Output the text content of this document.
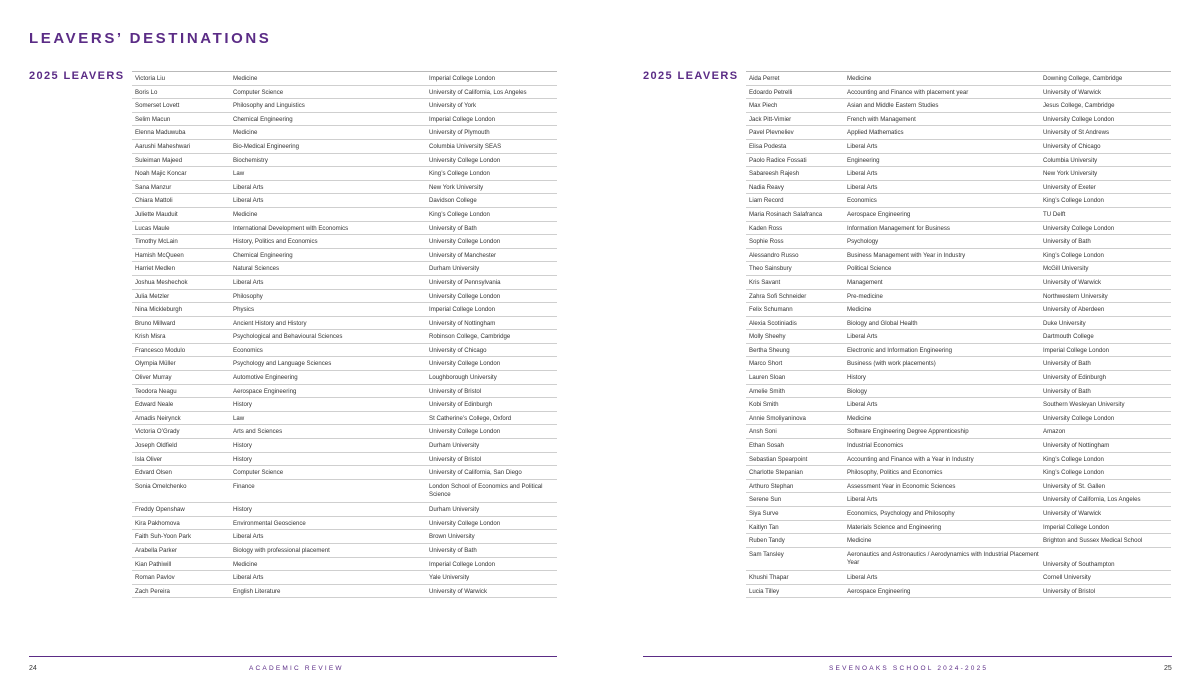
LEAVERS’ DESTINATIONS
2025 LEAVERS	Victoria Liu	Medicine	Imperial College London
Boris Lo	Computer Science	University of California, Los Angeles
Somerset Lovett	Philosophy and Linguistics	University of York
Selim Macun	Chemical Engineering	Imperial College London
Elenna Maduwuba	Medicine	University of Plymouth
Aarushi Maheshwari	Bio-Medical Engineering	Columbia University SEAS
Suleiman Majeed	Biochemistry	University College London
Noah Majic Koncar	Law	King’s College London
Sana Manzur	Liberal Arts	New York University
Chiara Mattoli	Liberal Arts	Davidson College
Juliette Mauduit	Medicine	King’s College London
Lucas Maule	International Development with Economics	University of Bath
Timothy McLain	History, Politics and Economics	University College London
Hamish McQueen	Chemical Engineering	University of Manchester
Harriet Medlen	Natural Sciences	Durham University
Joshua Meshechok	Liberal Arts	University of Pennsylvania
Julia Metzler	Philosophy	University College London
Nina Mickleburgh	Physics	Imperial College London
Bruno Millward	Ancient History and History	University of Nottingham
Krish Misra	Psychological and Behavioural Sciences	Robinson College, Cambridge
Francesco Modulo	Economics	University of Chicago
Olympia Müller	Psychology and Language Sciences	University College London
Oliver Murray	Automotive Engineering	Loughborough University
Teodora Neagu	Aerospace Engineering	University of Bristol
Edward Neale	History	University of Edinburgh
Amadis Neirynck	Law	St Catherine’s College, Oxford
Victoria O’Grady	Arts and Sciences	University College London
Joseph Oldfield	History	Durham University
Isla Oliver	History	University of Bristol
Edvard Olsen	Computer Science	University of California, San Diego
Sonia Omelchenko	Finance	London School of Economics and Political Science
Freddy Openshaw	History	Durham University
Kira Pakhomova	Environmental Geoscience	University College London
Faith Suh-Yoon Park	Liberal Arts	Brown University
Arabella Parker	Biology with professional placement	University of Bath
Kian Pathiwill	Medicine	Imperial College London
Roman Pavlov	Liberal Arts	Yale University
Zach Pereira	English Literature	University of Warwick
2025 LEAVERS	Aida Perret	Medicine	Downing College, Cambridge
Edoardo Petrelli	Accounting and Finance with placement year	University of Warwick
Max Piech	Asian and Middle Eastern Studies	Jesus College, Cambridge
Jack Pitt-Vimier	French with Management	University College London
Pavel Plevneliev	Applied Mathematics	University of St Andrews
Elisa Podesta	Liberal Arts	University of Chicago
Paolo Radice Fossati	Engineering	Columbia University
Sabareesh Rajesh	Liberal Arts	New York University
Nadia Reavy	Liberal Arts	University of Exeter
Liam Record	Economics	King’s College London
Maria Rosinach Salafranca	Aerospace Engineering	TU Delft
Kaden Ross	Information Management for Business	University College London
Sophie Ross	Psychology	University of Bath
Alessandro Russo	Business Management with Year in Industry	King’s College London
Theo Sainsbury	Political Science	McGill University
Kris Savant	Management	University of Warwick
Zahra Sofi Schneider	Pre-medicine	Northwestern University
Felix Schumann	Medicine	University of Aberdeen
Alexia Scotiniadis	Biology and Global Health	Duke University
Molly Sheehy	Liberal Arts	Dartmouth College
Bertha Sheung	Electronic and Information Engineering	Imperial College London
Marco Short	Business (with work placements)	University of Bath
Lauren Sloan	History	University of Edinburgh
Amelie Smith	Biology	University of Bath
Kobi Smith	Liberal Arts	Southern Wesleyan University
Annie Smoliyaninova	Medicine	University College London
Ansh Soni	Software Engineering Degree Apprenticeship	Amazon
Ethan Sosah	Industrial Economics	University of Nottingham
Sebastian Spearpoint	Accounting and Finance with a Year in Industry	King’s College London
Charlotte Stepanian	Philosophy, Politics and Economics	King’s College London
Arthuro Stephan	Assessment Year in Economic Sciences	University of St. Gallen
Serene Sun	Liberal Arts	University of California, Los Angeles
Siya Surve	Economics, Psychology and Philosophy	University of Warwick
Kaitlyn Tan	Materials Science and Engineering	Imperial College London
Ruben Tandy	Medicine	Brighton and Sussex Medical School
Sam Tansley	Aeronautics and Astronautics / Aerodynamics with Industrial Placement Year	University of Southampton
Khushi Thapar	Liberal Arts	Cornell University
Lucia Tilley	Aerospace Engineering	University of Bristol
24	ACADEMIC REVIEW	SEVENOAKS SCHOOL 2024-2025	25
